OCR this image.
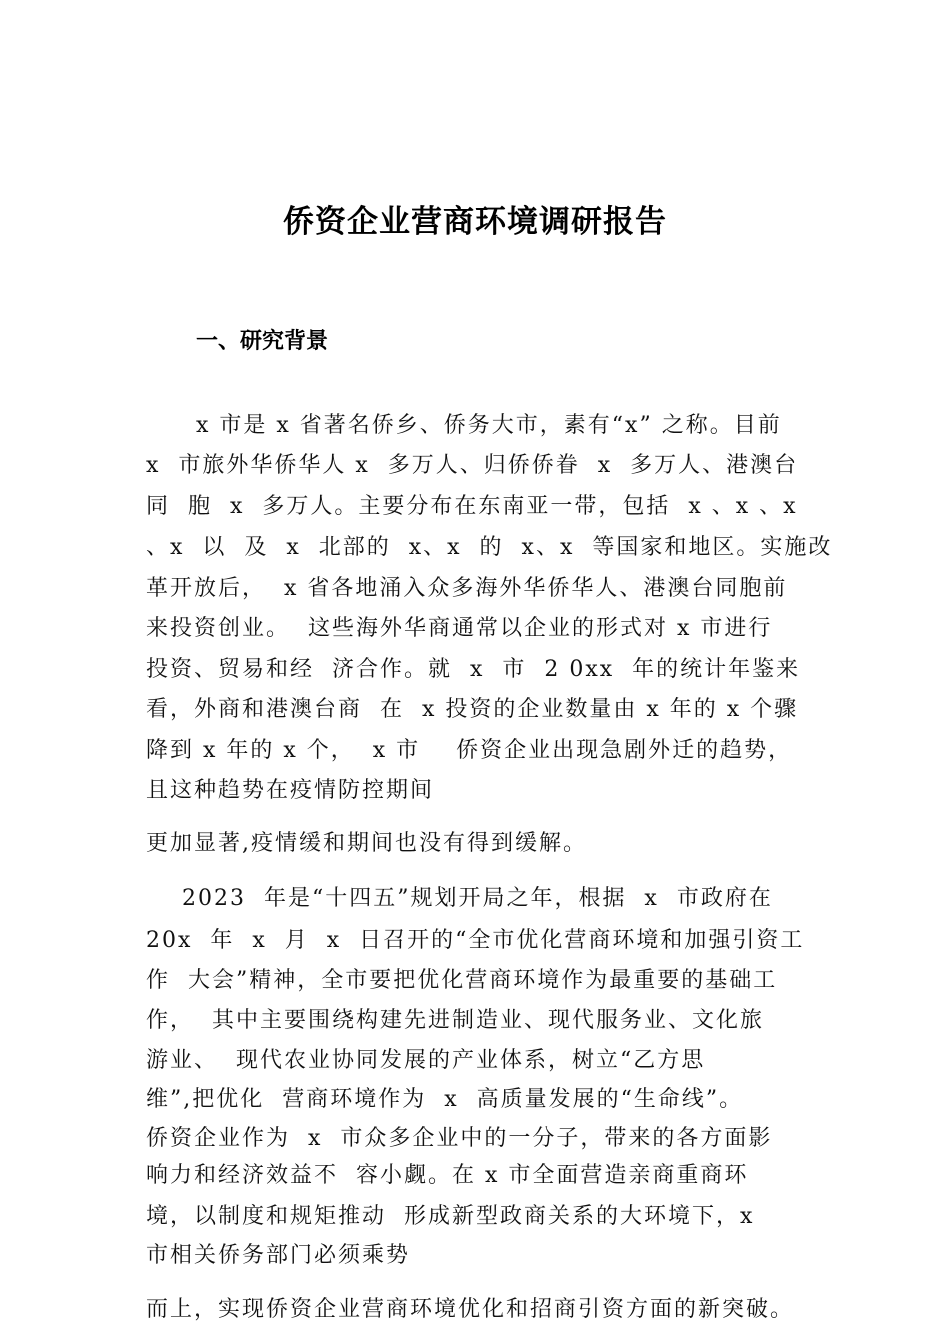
侨资企业营商环境调研报告
一、研究背景
x 市是 x 省著名侨乡、侨务大市，素有“x” 之称。目前
x  市旅外华侨华人 x  多万人、归侨侨眷  x  多万人、港澳台
同  胞  x  多万人。主要分布在东南亚一带，包括  x 、x 、x
、x  以  及  x  北部的  x、x  的  x、x  等国家和地区。实施改
革开放后，  x 省各地涌入众多海外华侨华人、港澳台同胞前
来投资创业。  这些海外华商通常以企业的形式对 x 市进行
投资、贸易和经  济合作。就  x  市  2 0xx  年的统计年鉴来
看，外商和港澳台商  在  x 投资的企业数量由 x 年的 x 个骤
降到 x 年的 x 个，  x 市    侨资企业出现急剧外迁的趋势，
且这种趋势在疫情防控期间
更加显著,疫情缓和期间也没有得到缓解。
2023  年是“十四五”规划开局之年，根据  x  市政府在
20x  年  x  月  x  日召开的“全市优化营商环境和加强引资工
作  大会”精神，全市要把优化营商环境作为最重要的基础工
作，  其中主要围绕构建先进制造业、现代服务业、文化旅
游业、  现代农业协同发展的产业体系，树立“乙方思
维”,把优化  营商环境作为  x  高质量发展的“生命线”。
侨资企业作为  x  市众多企业中的一分子，带来的各方面影
响力和经济效益不  容小觑。在 x 市全面营造亲商重商环
境，以制度和规矩推动  形成新型政商关系的大环境下，x
市相关侨务部门必须乘势
而上，实现侨资企业营商环境优化和招商引资方面的新突破。
